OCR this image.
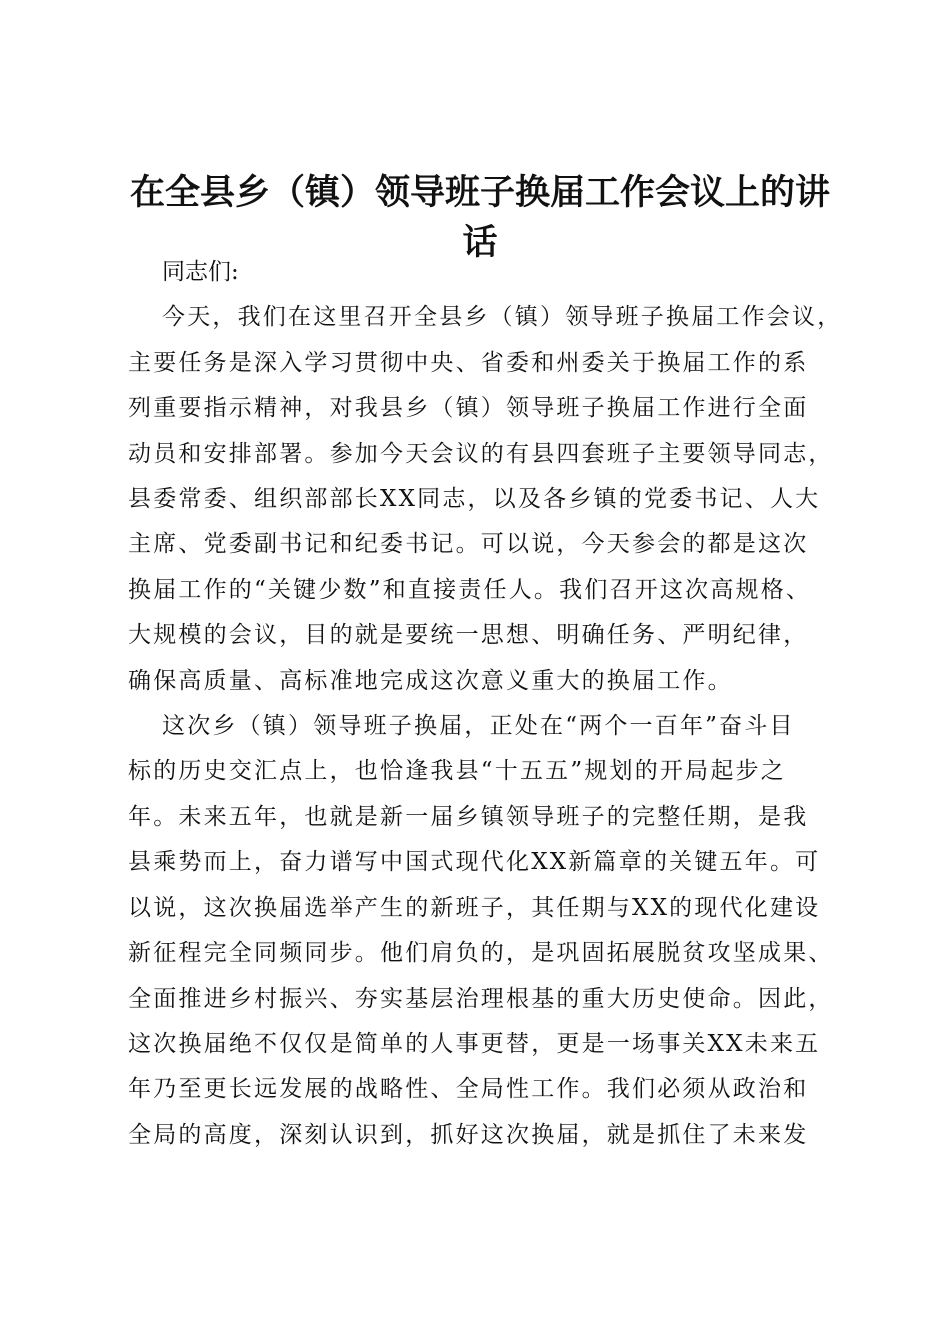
在全县乡（镇）领导班子换届工作会议上的讲
话

同志们:

今天，我们在这里召开全县乡（镇）领导班子换届工作会议，
主要任务是深入学习贯彻中央、省委和州委关于换届工作的系
列重要指示精神，对我县乡（镇）领导班子换届工作进行全面
动员和安排部署。参加今天会议的有县四套班子主要领导同志，
县委常委、组织部部长XX同志，以及各乡镇的党委书记、人大
主席、党委副书记和纪委书记。可以说，今天参会的都是这次
换届工作的“关键少数”和直接责任人。我们召开这次高规格、
大规模的会议，目的就是要统一思想、明确任务、严明纪律，
确保高质量、高标准地完成这次意义重大的换届工作。

这次乡（镇）领导班子换届，正处在“两个一百年”奋斗目
标的历史交汇点上，也恰逢我县“十五五”规划的开局起步之
年。未来五年，也就是新一届乡镇领导班子的完整任期，是我
县乘势而上，奋力谱写中国式现代化XX新篇章的关键五年。可
以说，这次换届选举产生的新班子，其任期与XX的现代化建设
新征程完全同频同步。他们肩负的，是巩固拓展脱贫攻坚成果、
全面推进乡村振兴、夯实基层治理根基的重大历史使命。因此，
这次换届绝不仅仅是简单的人事更替，更是一场事关XX未来五
年乃至更长远发展的战略性、全局性工作。我们必须从政治和
全局的高度，深刻认识到，抓好这次换届，就是抓住了未来发
